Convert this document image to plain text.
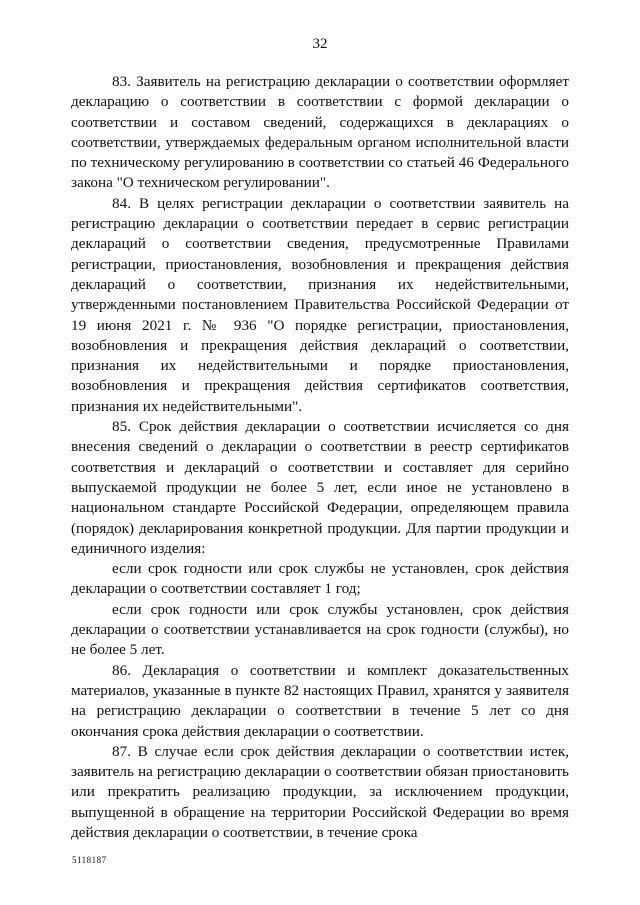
32

83. Заявитель на регистрацию декларации о соответствии оформляет декларацию о соответствии в соответствии с формой декларации о соответствии и составом сведений, содержащихся в декларациях о соответствии, утверждаемых федеральным органом исполнительной власти по техническому регулированию в соответствии со статьей 46 Федерального закона "О техническом регулировании".

84. В целях регистрации декларации о соответствии заявитель на регистрацию декларации о соответствии передает в сервис регистрации деклараций о соответствии сведения, предусмотренные Правилами регистрации, приостановления, возобновления и прекращения действия деклараций о соответствии, признания их недействительными, утвержденными постановлением Правительства Российской Федерации от 19 июня 2021 г. № 936 "О порядке регистрации, приостановления, возобновления и прекращения действия деклараций о соответствии, признания их недействительными и порядке приостановления, возобновления и прекращения действия сертификатов соответствия, признания их недействительными".

85. Срок действия декларации о соответствии исчисляется со дня внесения сведений о декларации о соответствии в реестр сертификатов соответствия и деклараций о соответствии и составляет для серийно выпускаемой продукции не более 5 лет, если иное не установлено в национальном стандарте Российской Федерации, определяющем правила (порядок) декларирования конкретной продукции. Для партии продукции и единичного изделия:

если срок годности или срок службы не установлен, срок действия декларации о соответствии составляет 1 год;

если срок годности или срок службы установлен, срок действия декларации о соответствии устанавливается на срок годности (службы), но не более 5 лет.

86. Декларация о соответствии и комплект доказательственных материалов, указанные в пункте 82 настоящих Правил, хранятся у заявителя на регистрацию декларации о соответствии в течение 5 лет со дня окончания срока действия декларации о соответствии.

87. В случае если срок действия декларации о соответствии истек, заявитель на регистрацию декларации о соответствии обязан приостановить или прекратить реализацию продукции, за исключением продукции, выпущенной в обращение на территории Российской Федерации во время действия декларации о соответствии, в течение срока

5118187
